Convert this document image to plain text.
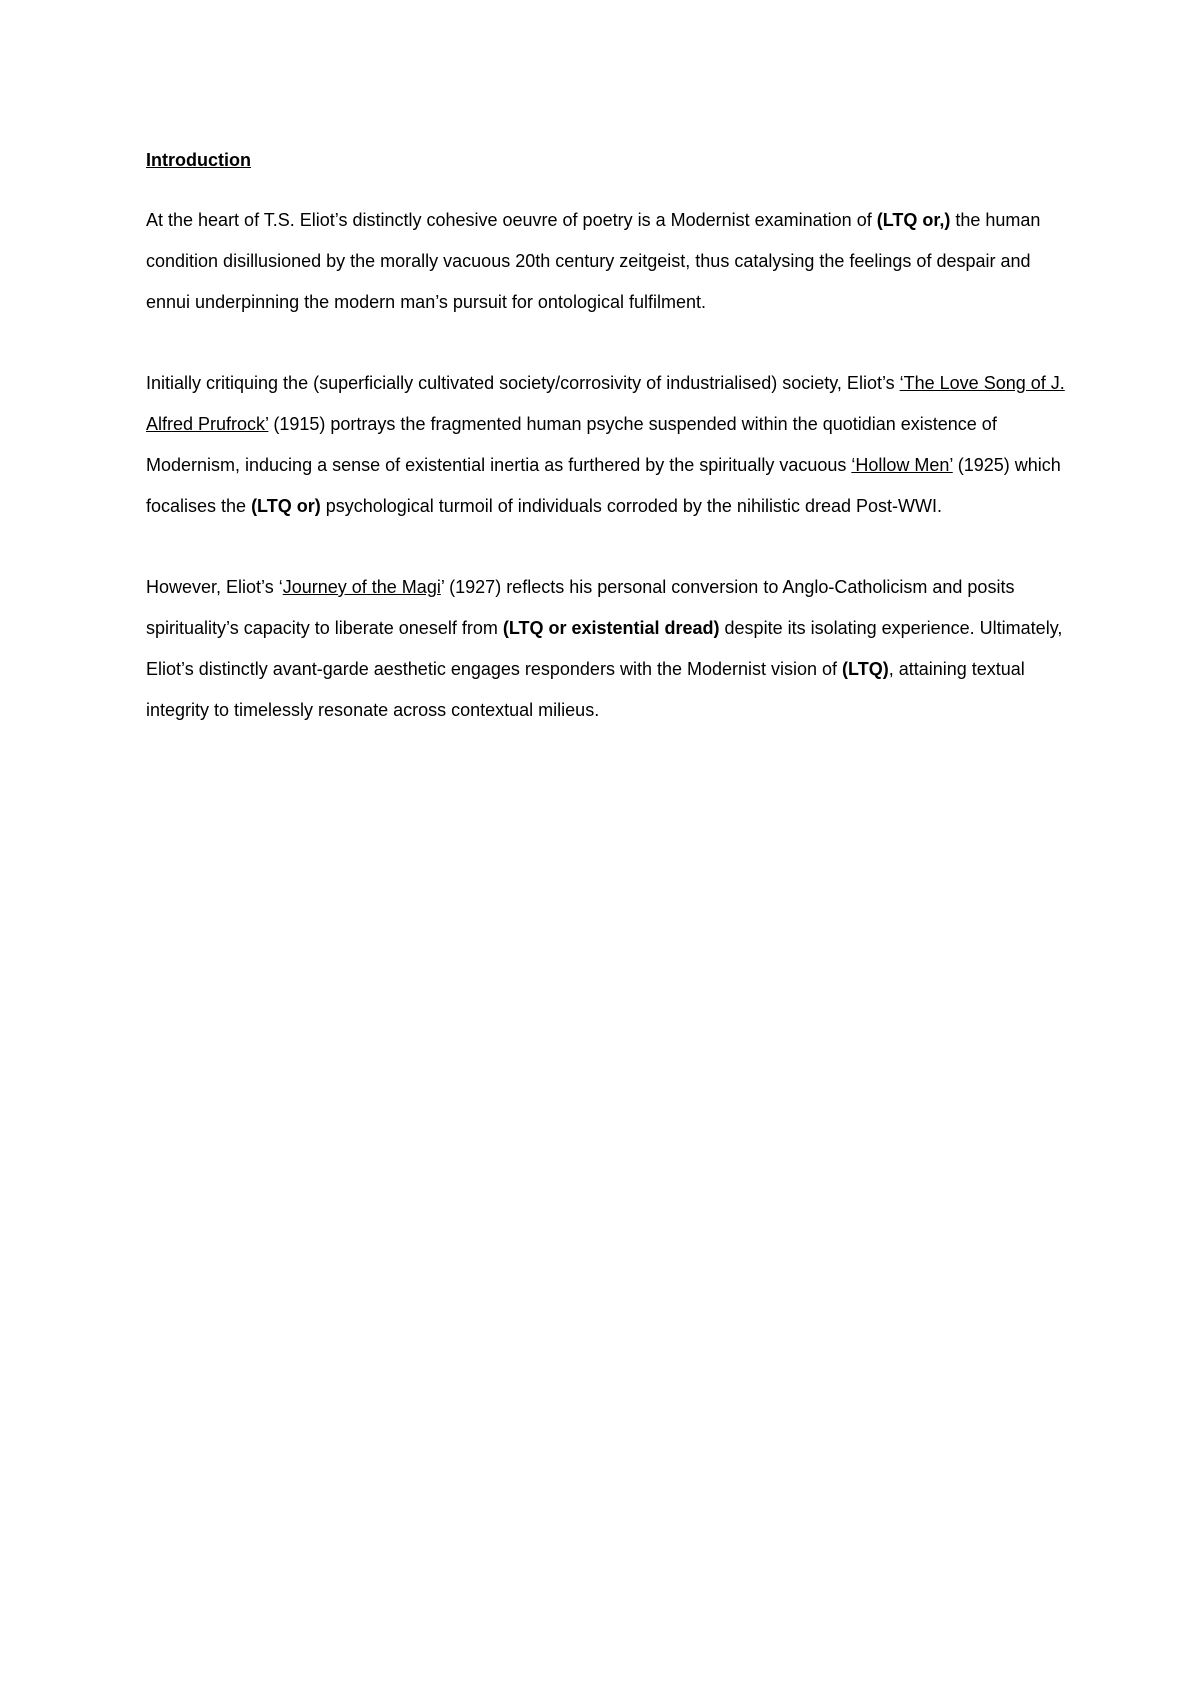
Introduction

At the heart of T.S. Eliot’s distinctly cohesive oeuvre of poetry is a Modernist examination of (LTQ or,) the human condition disillusioned by the morally vacuous 20th century zeitgeist, thus catalysing the feelings of despair and ennui underpinning the modern man’s pursuit for ontological fulfilment.

Initially critiquing the (superficially cultivated society/corrosivity of industrialised) society, Eliot’s ‘The Love Song of J. Alfred Prufrock’ (1915) portrays the fragmented human psyche suspended within the quotidian existence of Modernism, inducing a sense of existential inertia as furthered by the spiritually vacuous ‘Hollow Men’ (1925) which focalises the (LTQ or) psychological turmoil of individuals corroded by the nihilistic dread Post-WWI.

However, Eliot’s ‘Journey of the Magi’ (1927) reflects his personal conversion to Anglo-Catholicism and posits spirituality’s capacity to liberate oneself from (LTQ or existential dread) despite its isolating experience. Ultimately, Eliot’s distinctly avant-garde aesthetic engages responders with the Modernist vision of (LTQ), attaining textual integrity to timelessly resonate across contextual milieus.
